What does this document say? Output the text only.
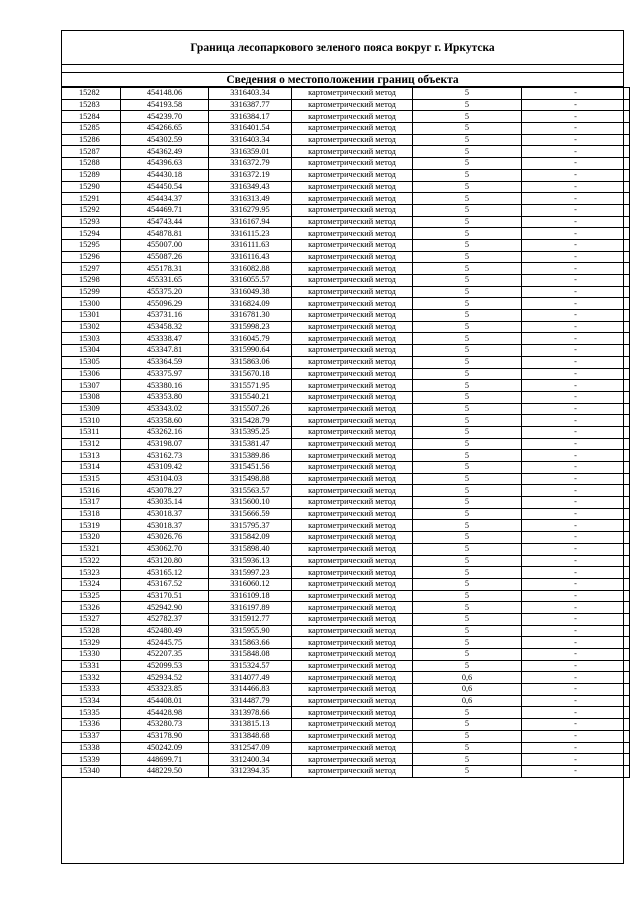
Граница лесопаркового зеленого пояса вокруг г. Иркутска
Сведения о местоположении границ объекта
15282	454148.06	3316403.34	картометрический метод	5	-
15283	454193.58	3316387.77	картометрический метод	5	-
15284	454239.70	3316384.17	картометрический метод	5	-
15285	454266.65	3316401.54	картометрический метод	5	-
15286	454302.59	3316403.34	картометрический метод	5	-
15287	454362.49	3316359.01	картометрический метод	5	-
15288	454396.63	3316372.79	картометрический метод	5	-
15289	454430.18	3316372.19	картометрический метод	5	-
15290	454450.54	3316349.43	картометрический метод	5	-
15291	454434.37	3316313.49	картометрический метод	5	-
15292	454469.71	3316279.95	картометрический метод	5	-
15293	454743.44	3316167.94	картометрический метод	5	-
15294	454878.81	3316115.23	картометрический метод	5	-
15295	455007.00	3316111.63	картометрический метод	5	-
15296	455087.26	3316116.43	картометрический метод	5	-
15297	455178.31	3316082.88	картометрический метод	5	-
15298	455331.65	3316055.57	картометрический метод	5	-
15299	455375.20	3316049.38	картометрический метод	5	-
15300	455096.29	3316824.09	картометрический метод	5	-
15301	453731.16	3316781.30	картометрический метод	5	-
15302	453458.32	3315998.23	картометрический метод	5	-
15303	453338.47	3316045.79	картометрический метод	5	-
15304	453347.81	3315990.64	картометрический метод	5	-
15305	453364.59	3315863.06	картометрический метод	5	-
15306	453375.97	3315670.18	картометрический метод	5	-
15307	453380.16	3315571.95	картометрический метод	5	-
15308	453353.80	3315540.21	картометрический метод	5	-
15309	453343.02	3315507.26	картометрический метод	5	-
15310	453358.60	3315428.79	картометрический метод	5	-
15311	453262.16	3315395.25	картометрический метод	5	-
15312	453198.07	3315381.47	картометрический метод	5	-
15313	453162.73	3315389.86	картометрический метод	5	-
15314	453109.42	3315451.56	картометрический метод	5	-
15315	453104.03	3315498.88	картометрический метод	5	-
15316	453078.27	3315563.57	картометрический метод	5	-
15317	453035.14	3315600.10	картометрический метод	5	-
15318	453018.37	3315666.59	картометрический метод	5	-
15319	453018.37	3315795.37	картометрический метод	5	-
15320	453026.76	3315842.09	картометрический метод	5	-
15321	453062.70	3315898.40	картометрический метод	5	-
15322	453120.80	3315936.13	картометрический метод	5	-
15323	453165.12	3315997.23	картометрический метод	5	-
15324	453167.52	3316060.12	картометрический метод	5	-
15325	453170.51	3316109.18	картометрический метод	5	-
15326	452942.90	3316197.89	картометрический метод	5	-
15327	452782.37	3315912.77	картометрический метод	5	-
15328	452480.49	3315955.90	картометрический метод	5	-
15329	452445.75	3315863.66	картометрический метод	5	-
15330	452207.35	3315848.08	картометрический метод	5	-
15331	452099.53	3315324.57	картометрический метод	5	-
15332	452934.52	3314077.49	картометрический метод	0,6	-
15333	453323.85	3314466.83	картометрический метод	0,6	-
15334	454408.01	3314487.79	картометрический метод	0,6	-
15335	454428.98	3313978.66	картометрический метод	5	-
15336	453280.73	3313815.13	картометрический метод	5	-
15337	453178.90	3313848.68	картометрический метод	5	-
15338	450242.09	3312547.09	картометрический метод	5	-
15339	448699.71	3312400.34	картометрический метод	5	-
15340	448229.50	3312394.35	картометрический метод	5	-
